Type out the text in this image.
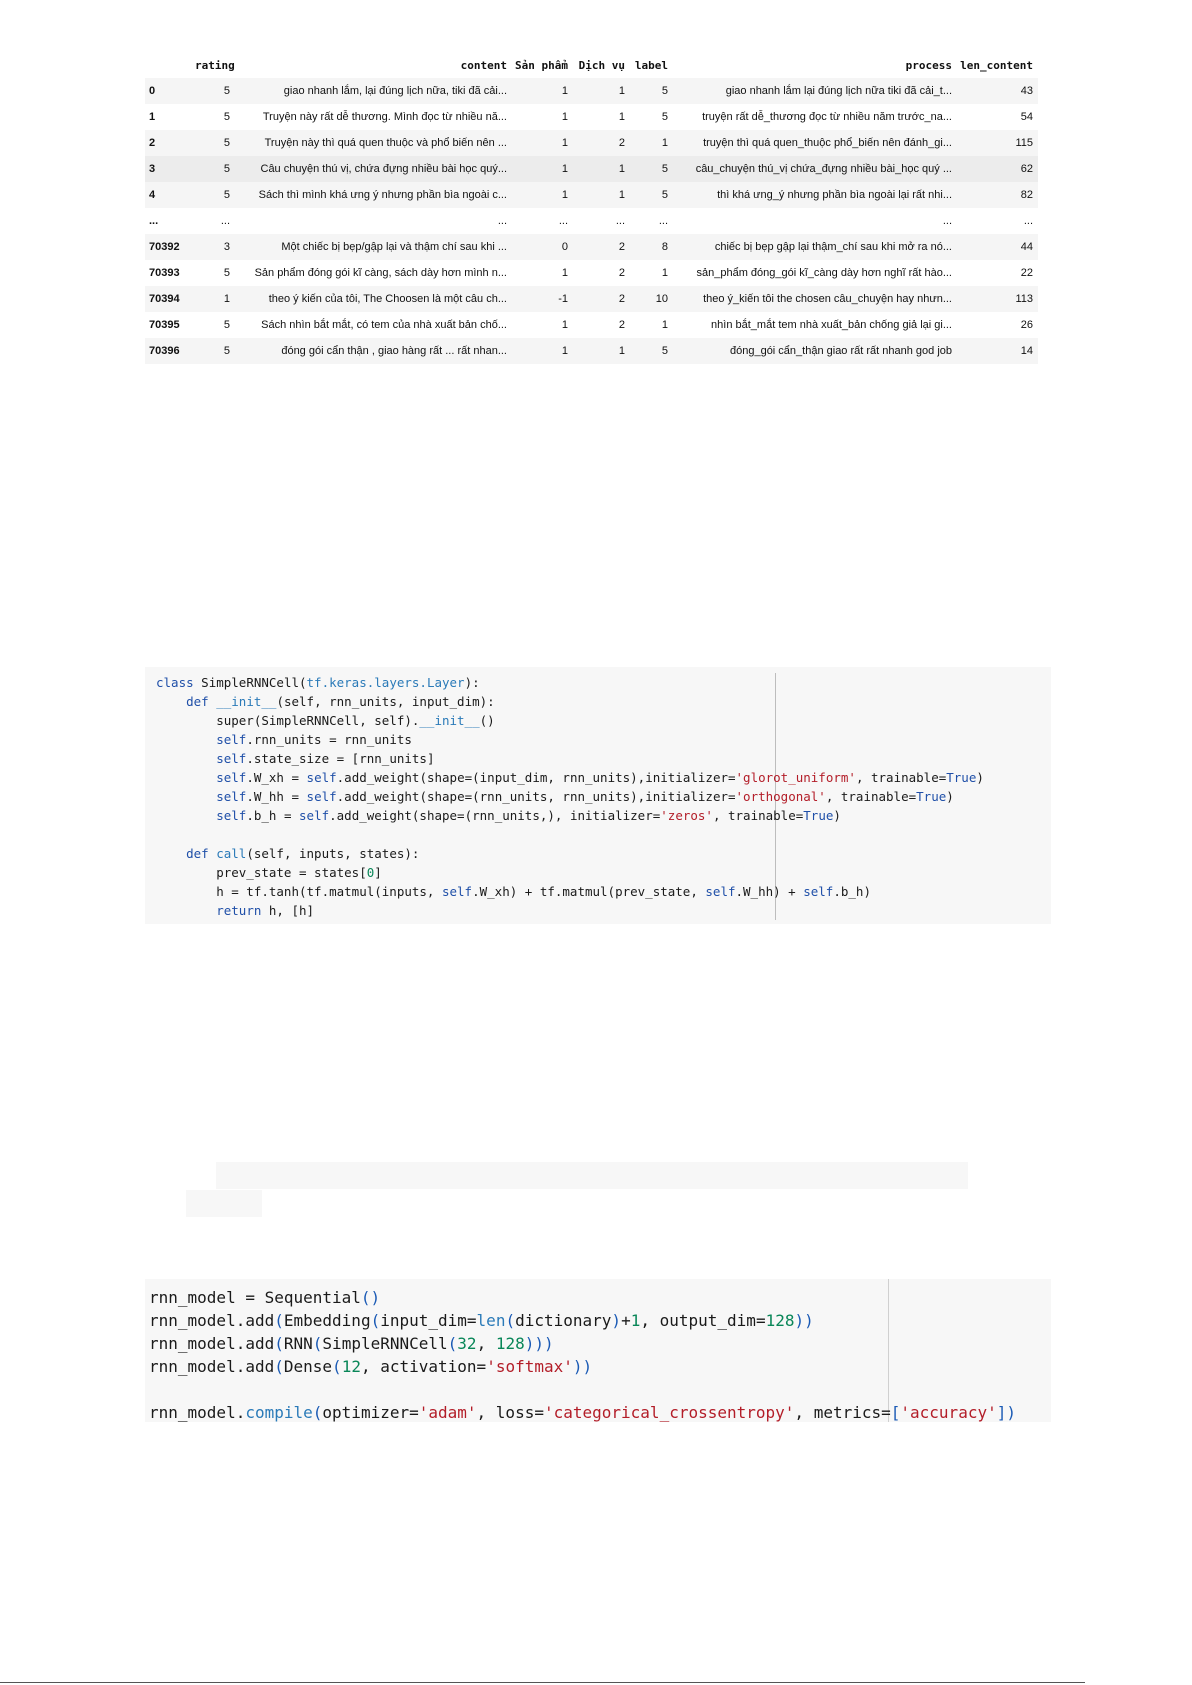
	rating	content	Sản phẩm	Dịch vụ	label	process	len_content
0	5	giao nhanh lắm, lại đúng lịch nữa, tiki đã cải...	1	1	5	giao nhanh lắm lại đúng lịch nữa tiki đã cải_t...	43
1	5	Truyện này rất dễ thương. Mình đọc từ nhiều nă...	1	1	5	truyện rất dễ_thương đọc từ nhiều năm trước_na...	54
2	5	Truyện này thì quá quen thuộc và phổ biến nên ...	1	2	1	truyện thì quá quen_thuộc phổ_biến nên đánh_gi...	115
3	5	Câu chuyện thú vị, chứa đựng nhiều bài học quý...	1	1	5	câu_chuyện thú_vị chứa_đựng nhiều bài_học quý ...	62
4	5	Sách thì mình khá ưng ý nhưng phần bìa ngoài c...	1	1	5	thì khá ưng_ý nhưng phần bìa ngoài lại rất nhi...	82
...	...	...	...	...	...	...	...
70392	3	Một chiếc bị bẹp/gập lại và thậm chí sau khi ...	0	2	8	chiếc bị bẹp gập lại thậm_chí sau khi mở ra nó...	44
70393	5	Sản phẩm đóng gói kĩ càng, sách dày hơn mình n...	1	2	1	sản_phẩm đóng_gói kĩ_càng dày hơn nghĩ rất hào...	22
70394	1	theo ý kiến của tôi, The Choosen là một câu ch...	-1	2	10	theo ý_kiến tôi the chosen câu_chuyện hay nhưn...	113
70395	5	Sách nhìn bắt mắt, có tem của nhà xuất bản chố...	1	2	1	nhìn bắt_mắt tem nhà xuất_bản chống giả lại gi...	26
70396	5	đóng gói cẩn thận , giao hàng rất ... rất nhan...	1	1	5	đóng_gói cẩn_thận giao rất rất nhanh god job	14

class SimpleRNNCell(tf.keras.layers.Layer):
def __init__(self, rnn_units, input_dim):
super(SimpleRNNCell, self).__init__()
self.rnn_units = rnn_units
self.state_size = [rnn_units]
self.W_xh = self.add_weight(shape=(input_dim, rnn_units),initializer='glorot_uniform', trainable=True)
self.W_hh = self.add_weight(shape=(rnn_units, rnn_units),initializer='orthogonal', trainable=True)
self.b_h = self.add_weight(shape=(rnn_units,), initializer='zeros', trainable=True)
def call(self, inputs, states):
prev_state = states[0]
h = tf.tanh(tf.matmul(inputs, self.W_xh) + tf.matmul(prev_state, self.W_hh) + self.b_h)
return h, [h]

rnn_model = Sequential()
rnn_model.add(Embedding(input_dim=len(dictionary)+1, output_dim=128))
rnn_model.add(RNN(SimpleRNNCell(32, 128)))
rnn_model.add(Dense(12, activation='softmax'))
rnn_model.compile(optimizer='adam', loss='categorical_crossentropy', metrics=['accuracy'])
